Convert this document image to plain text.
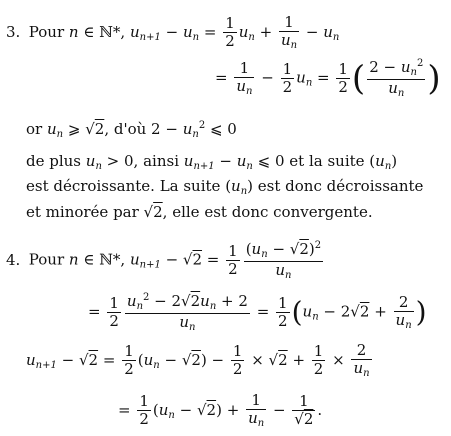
3. Pour n ∈ ℕ*, $u_{n+1} - u_n = \frac{1}{2} u_n + \frac{1}{u_n} - u_n$
= $\frac{1}{u_n} - \frac{1}{2} u_n = \frac{1}{2}$ ( $\frac{2 - u_n^2}{u_n}$ )
or $u_n$ ⩾ √2, d'où $2 - u_n^2$ ⩽ 0
de plus $u_n > 0$, ainsi $u_{n+1} - u_n$ ⩽ 0 et la suite $(u_n)$
est décroissante. La suite $(u_n)$ est donc décroissante
et minorée par √2, elle est donc convergente.
4. Pour n ∈ ℕ*, $u_{n+1} - √2 = \frac{1}{2} \frac{(u_n - √2)^2}{u_n}$
= $\frac{1}{2} \frac{u_n^2 - 2√2u_n + 2}{u_n} = \frac{1}{2} (u_n - 2√2 + \frac{2}{u_n}$ )
$u_{n+1} - √2 = \frac{1}{2} (u_n - √2) - \frac{1}{2} \times √2 + \frac{1}{2} \times \frac{2}{u_n}$
= $\frac{1}{2} (u_n - √2) + \frac{1}{u_n} - \frac{1}{√2}$ .
